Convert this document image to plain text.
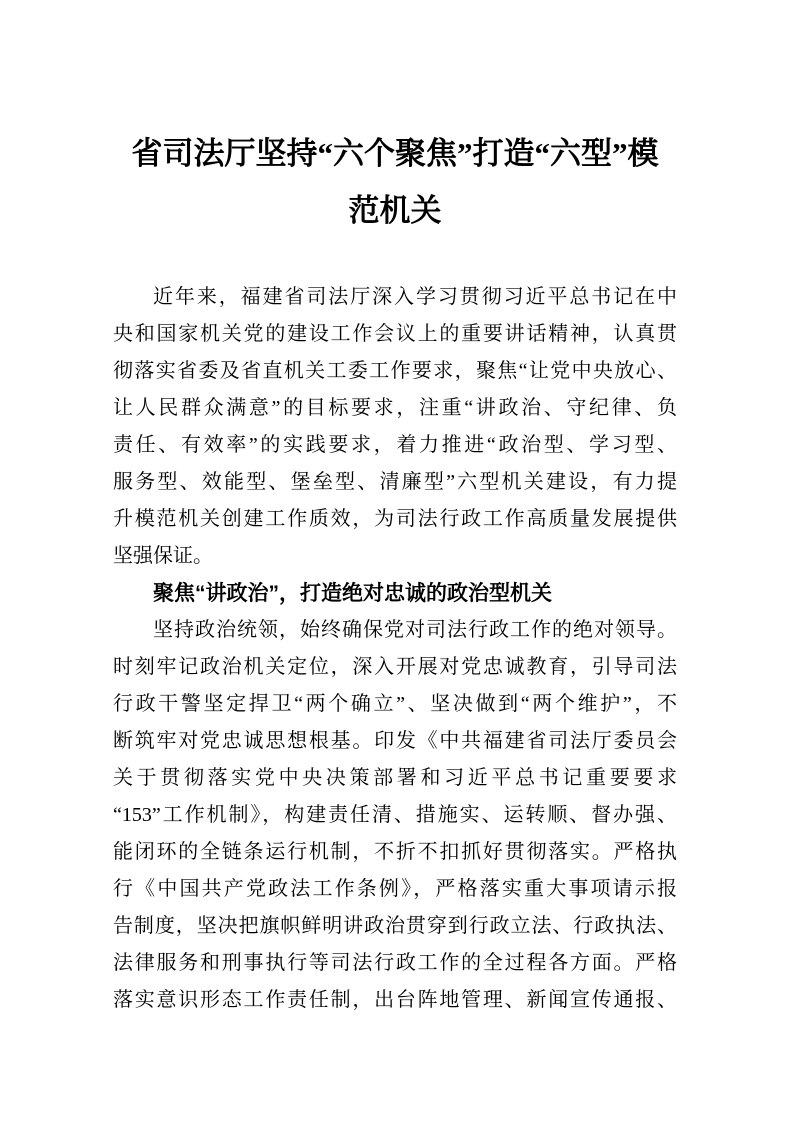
省司法厅坚持“六个聚焦”打造“六型”模
范机关
近年来，福建省司法厅深入学习贯彻习近平总书记在中
央和国家机关党的建设工作会议上的重要讲话精神，认真贯
彻落实省委及省直机关工委工作要求，聚焦“让党中央放心、
让人民群众满意”的目标要求，注重“讲政治、守纪律、负
责任、有效率”的实践要求，着力推进“政治型、学习型、
服务型、效能型、堡垒型、清廉型”六型机关建设，有力提
升模范机关创建工作质效，为司法行政工作高质量发展提供
坚强保证。
聚焦“讲政治”，打造绝对忠诚的政治型机关
坚持政治统领，始终确保党对司法行政工作的绝对领导。
时刻牢记政治机关定位，深入开展对党忠诚教育，引导司法
行政干警坚定捍卫“两个确立”、坚决做到“两个维护”，不
断筑牢对党忠诚思想根基。印发《中共福建省司法厅委员会
关于贯彻落实党中央决策部署和习近平总书记重要要求
“153”工作机制》，构建责任清、措施实、运转顺、督办强、
能闭环的全链条运行机制，不折不扣抓好贯彻落实。严格执
行《中国共产党政法工作条例》，严格落实重大事项请示报
告制度，坚决把旗帜鲜明讲政治贯穿到行政立法、行政执法、
法律服务和刑事执行等司法行政工作的全过程各方面。严格
落实意识形态工作责任制，出台阵地管理、新闻宣传通报、
